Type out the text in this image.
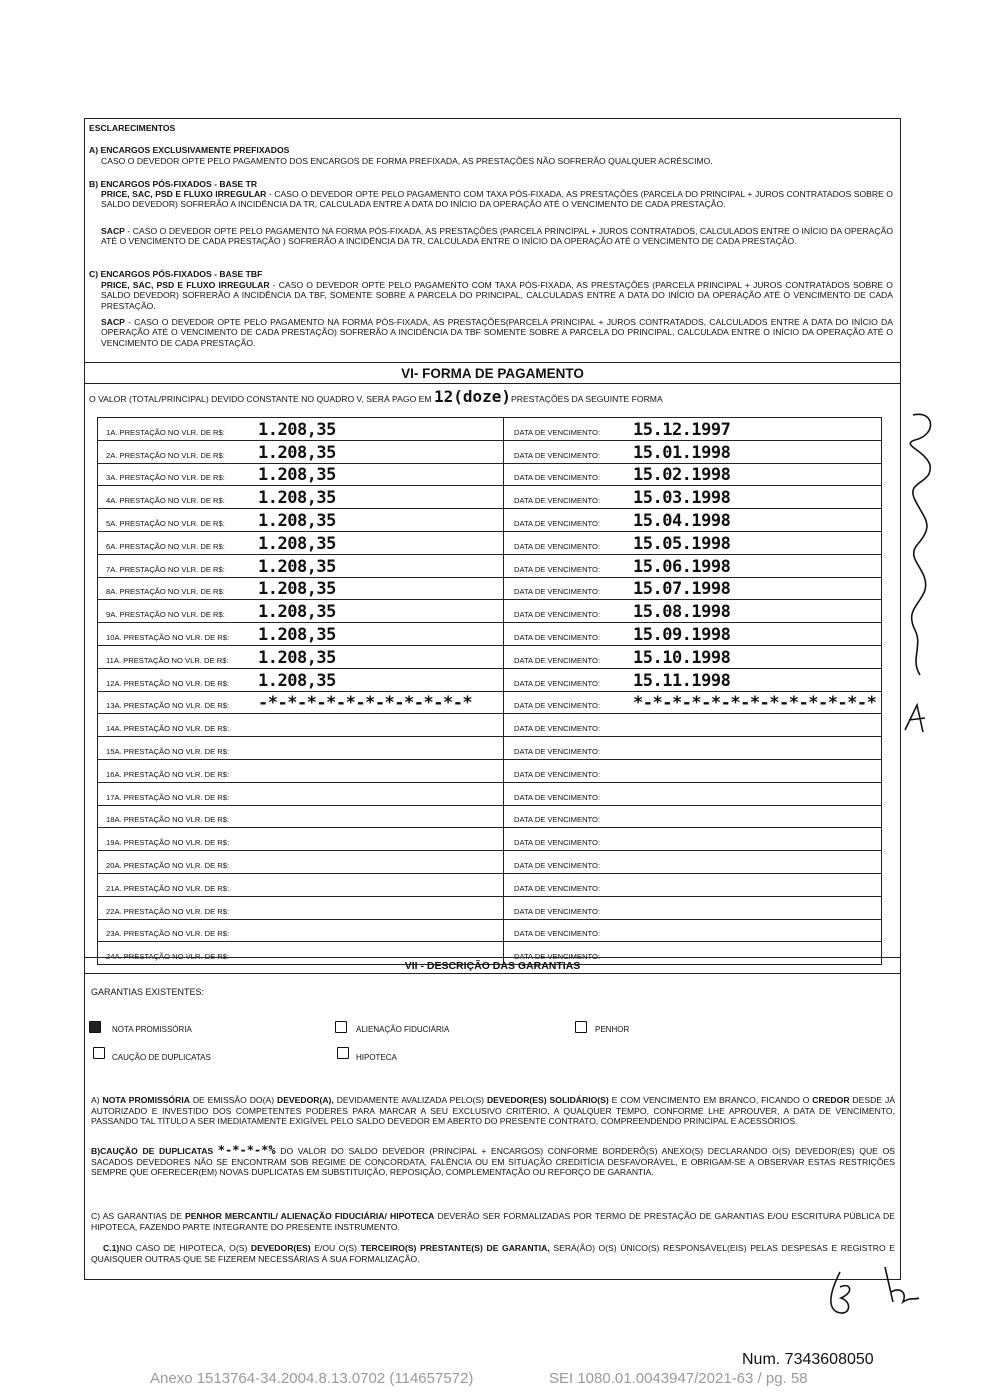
ESCLARECIMENTOS
A) ENCARGOS EXCLUSIVAMENTE PREFIXADOS
CASO O DEVEDOR OPTE PELO PAGAMENTO DOS ENCARGOS DE FORMA PREFIXADA, AS PRESTAÇÕES NÃO SOFRERÃO QUALQUER ACRÉSCIMO.
B) ENCARGOS PÓS-FIXADOS - BASE TR
PRICE, SAC, PSD E FLUXO IRREGULAR - CASO O DEVEDOR OPTE PELO PAGAMENTO COM TAXA PÓS-FIXADA, AS PRESTAÇÕES (PARCELA DO PRINCIPAL + JUROS CONTRATADOS SOBRE O SALDO DEVEDOR) SOFRERÃO A INCIDÊNCIA DA TR, CALCULADA ENTRE A DATA DO INÍCIO DA OPERAÇÃO ATÉ O VENCIMENTO DE CADA PRESTAÇÃO.
SACP - CASO O DEVEDOR OPTE PELO PAGAMENTO NA FORMA PÓS-FIXADA, AS PRESTAÇÕES (PARCELA PRINCIPAL + JUROS CONTRATADOS, CALCULADOS ENTRE O INÍCIO DA OPERAÇÃO ATÉ O VENCIMENTO DE CADA PRESTAÇÃO ) SOFRERÃO A INCIDÊNCIA DA TR, CALCULADA ENTRE O INÍCIO DA OPERAÇÃO ATÉ O VENCIMENTO DE CADA PRESTAÇÃO.
C) ENCARGOS PÓS-FIXADOS - BASE TBF
PRICE, SAC, PSD E FLUXO IRREGULAR - CASO O DEVEDOR OPTE PELO PAGAMENTO COM TAXA PÓS-FIXADA, AS PRESTAÇÕES (PARCELA PRINCIPAL + JUROS CONTRATADOS SOBRE O SALDO DEVEDOR) SOFRERÃO A INCIDÊNCIA DA TBF, SOMENTE SOBRE A PARCELA DO PRINCIPAL, CALCULADAS ENTRE A DATA DO INÍCIO DA OPERAÇÃO ATÉ O VENCIMENTO DE CADA PRESTAÇÃO.
SACP - CASO O DEVEDOR OPTE PELO PAGAMENTO NA FORMA PÓS-FIXADA, AS PRESTAÇÕES(PARCELA PRINCIPAL + JUROS CONTRATADOS, CALCULADOS ENTRE A DATA DO INÍCIO DA OPERAÇÃO ATÉ O VENCIMENTO DE CADA PRESTAÇÃO) SOFRERÃO A INCIDÊNCIA DA TBF SOMENTE SOBRE A PARCELA DO PRINCIPAL, CALCULADA ENTRE O INÍCIO DA OPERAÇÃO ATÉ O VENCIMENTO DE CADA PRESTAÇÃO.
VI- FORMA DE PAGAMENTO
O VALOR (TOTAL/PRINCIPAL) DEVIDO CONSTANTE NO QUADRO V, SERÁ PAGO EM 12(doze)PRESTAÇÕES DA SEGUINTE FORMA
1A. PRESTAÇÃO NO VLR. DE R$: 1.208,35	DATA DE VENCIMENTO: 15.12.1997
2A. PRESTAÇÃO NO VLR. DE R$: 1.208,35	DATA DE VENCIMENTO: 15.01.1998
3A. PRESTAÇÃO NO VLR. DE R$: 1.208,35	DATA DE VENCIMENTO: 15.02.1998
4A. PRESTAÇÃO NO VLR. DE R$: 1.208,35	DATA DE VENCIMENTO: 15.03.1998
5A. PRESTAÇÃO NO VLR. DE R$: 1.208,35	DATA DE VENCIMENTO: 15.04.1998
6A. PRESTAÇÃO NO VLR. DE R$: 1.208,35	DATA DE VENCIMENTO: 15.05.1998
7A. PRESTAÇÃO NO VLR. DE R$: 1.208,35	DATA DE VENCIMENTO: 15.06.1998
8A. PRESTAÇÃO NO VLR. DE R$: 1.208,35	DATA DE VENCIMENTO: 15.07.1998
9A. PRESTAÇÃO NO VLR. DE R$: 1.208,35	DATA DE VENCIMENTO: 15.08.1998
10A. PRESTAÇÃO NO VLR. DE R$: 1.208,35	DATA DE VENCIMENTO: 15.09.1998
11A. PRESTAÇÃO NO VLR. DE R$: 1.208,35	DATA DE VENCIMENTO: 15.10.1998
12A. PRESTAÇÃO NO VLR. DE R$: 1.208,35	DATA DE VENCIMENTO: 15.11.1998
13A. PRESTAÇÃO NO VLR. DE R$: -*-*-*-*-*-*-*-*-*-*-*	DATA DE VENCIMENTO: *-*-*-*-*-*-*-*-*-*-*-*-*
14A. PRESTAÇÃO NO VLR. DE R$:	DATA DE VENCIMENTO:
15A. PRESTAÇÃO NO VLR. DE R$:	DATA DE VENCIMENTO:
16A. PRESTAÇÃO NO VLR. DE R$:	DATA DE VENCIMENTO:
17A. PRESTAÇÃO NO VLR. DE R$:	DATA DE VENCIMENTO:
18A. PRESTAÇÃO NO VLR. DE R$:	DATA DE VENCIMENTO:
19A. PRESTAÇÃO NO VLR. DE R$:	DATA DE VENCIMENTO:
20A. PRESTAÇÃO NO VLR. DE R$:	DATA DE VENCIMENTO:
21A. PRESTAÇÃO NO VLR. DE R$:	DATA DE VENCIMENTO:
22A. PRESTAÇÃO NO VLR. DE R$:	DATA DE VENCIMENTO:
23A. PRESTAÇÃO NO VLR. DE R$:	DATA DE VENCIMENTO:
24A. PRESTAÇÃO NO VLR. DE R$:	DATA DE VENCIMENTO:
VII - DESCRIÇÃO DAS GARANTIAS
GARANTIAS EXISTENTES:
NOTA PROMISSÓRIA	ALIENAÇÃO FIDUCIÁRIA	PENHOR
CAUÇÃO DE DUPLICATAS	HIPOTECA
A) NOTA PROMISSÓRIA DE EMISSÃO DO(A) DEVEDOR(A), DEVIDAMENTE AVALIZADA PELO(S) DEVEDOR(ES) SOLIDÁRIO(S) E COM VENCIMENTO EM BRANCO, FICANDO O CREDOR DESDE JÁ AUTORIZADO E INVESTIDO DOS COMPETENTES PODERES PARA MARCAR A SEU EXCLUSIVO CRITÉRIO, A QUALQUER TEMPO, CONFORME LHE APROUVER, A DATA DE VENCIMENTO, PASSANDO TAL TÍTULO A SER IMEDIATAMENTE EXIGÍVEL PELO SALDO DEVEDOR EM ABERTO DO PRESENTE CONTRATO, COMPREENDENDO PRINCIPAL E ACESSÓRIOS.
B)CAUÇÃO DE DUPLICATAS *-*-*-*% DO VALOR DO SALDO DEVEDOR (PRINCIPAL + ENCARGOS) CONFORME BORDERÔ(S) ANEXO(S) DECLARANDO O(S) DEVEDOR(ES) QUE OS SACADOS DEVEDORES NÃO SE ENCONTRAM SOB REGIME DE CONCORDATA, FALÊNCIA OU EM SITUAÇÃO CREDITÍCIA DESFAVORÁVEL, E OBRIGAM-SE A OBSERVAR ESTAS RESTRIÇÕES SEMPRE QUE OFERECER(EM) NOVAS DUPLICATAS EM SUBSTITUIÇÃO, REPOSIÇÃO, COMPLEMENTAÇÃO OU REFORÇO DE GARANTIA.
C) AS GARANTIAS DE PENHOR MERCANTIL/ ALIENAÇÃO FIDUCIÁRIA/ HIPOTECA DEVERÃO SER FORMALIZADAS POR TERMO DE PRESTAÇÃO DE GARANTIAS E/OU ESCRITURA PÚBLICA DE HIPOTECA, FAZENDO PARTE INTEGRANTE DO PRESENTE INSTRUMENTO.
C.1)NO CASO DE HIPOTECA, O(S) DEVEDOR(ES) E/OU O(S) TERCEIRO(S) PRESTANTE(S) DE GARANTIA, SERÁ(ÃO) O(S) ÚNICO(S) RESPONSÁVEL(EIS) PELAS DESPESAS E REGISTRO E QUAISQUER OUTRAS QUE SE FIZEREM NECESSÁRIAS À SUA FORMALIZAÇÃO.
Num. 7343608050
Anexo 1513764-34.2004.8.13.0702 (114657572)	SEI 1080.01.0043947/2021-63 / pg. 58
